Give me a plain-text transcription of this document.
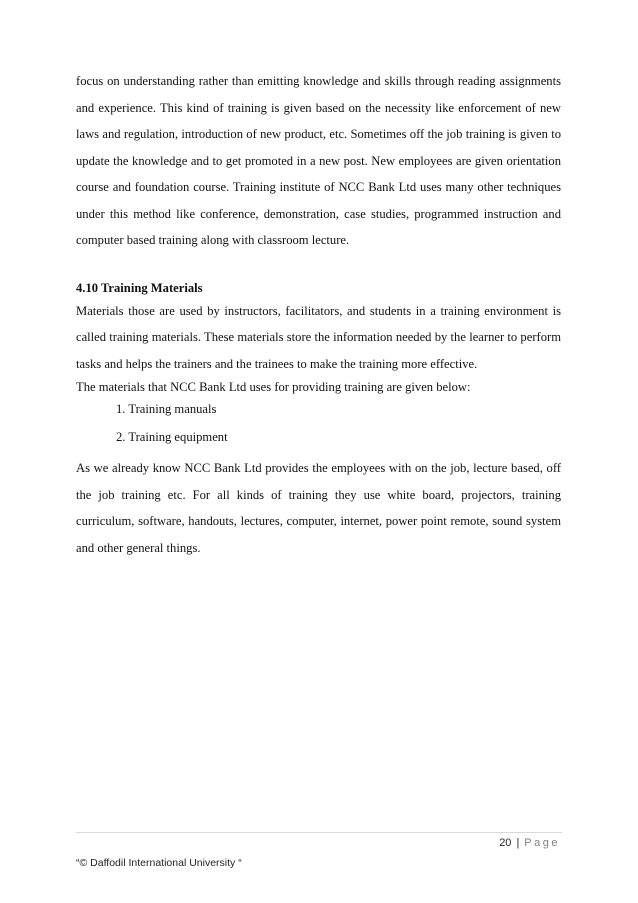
focus on understanding rather than emitting knowledge and skills through reading assignments and experience. This kind of training is given based on the necessity like enforcement of new laws and regulation, introduction of new product, etc. Sometimes off the job training is given to update the knowledge and to get promoted in a new post. New employees are given orientation course and foundation course. Training institute of NCC Bank Ltd uses many other techniques under this method like conference, demonstration, case studies, programmed instruction and computer based training along with classroom lecture.

4.10 Training Materials

Materials those are used by instructors, facilitators, and students in a training environment is called training materials. These materials store the information needed by the learner to perform tasks and helps the trainers and the trainees to make the training more effective.

The materials that NCC Bank Ltd uses for providing training are given below:

1. Training manuals
2. Training equipment

As we already know NCC Bank Ltd provides the employees with on the job, lecture based, off the job training etc. For all kinds of training they use white board, projectors, training curriculum, software, handouts, lectures, computer, internet, power point remote, sound system and other general things.

20 | Page
“© Daffodil International University “
